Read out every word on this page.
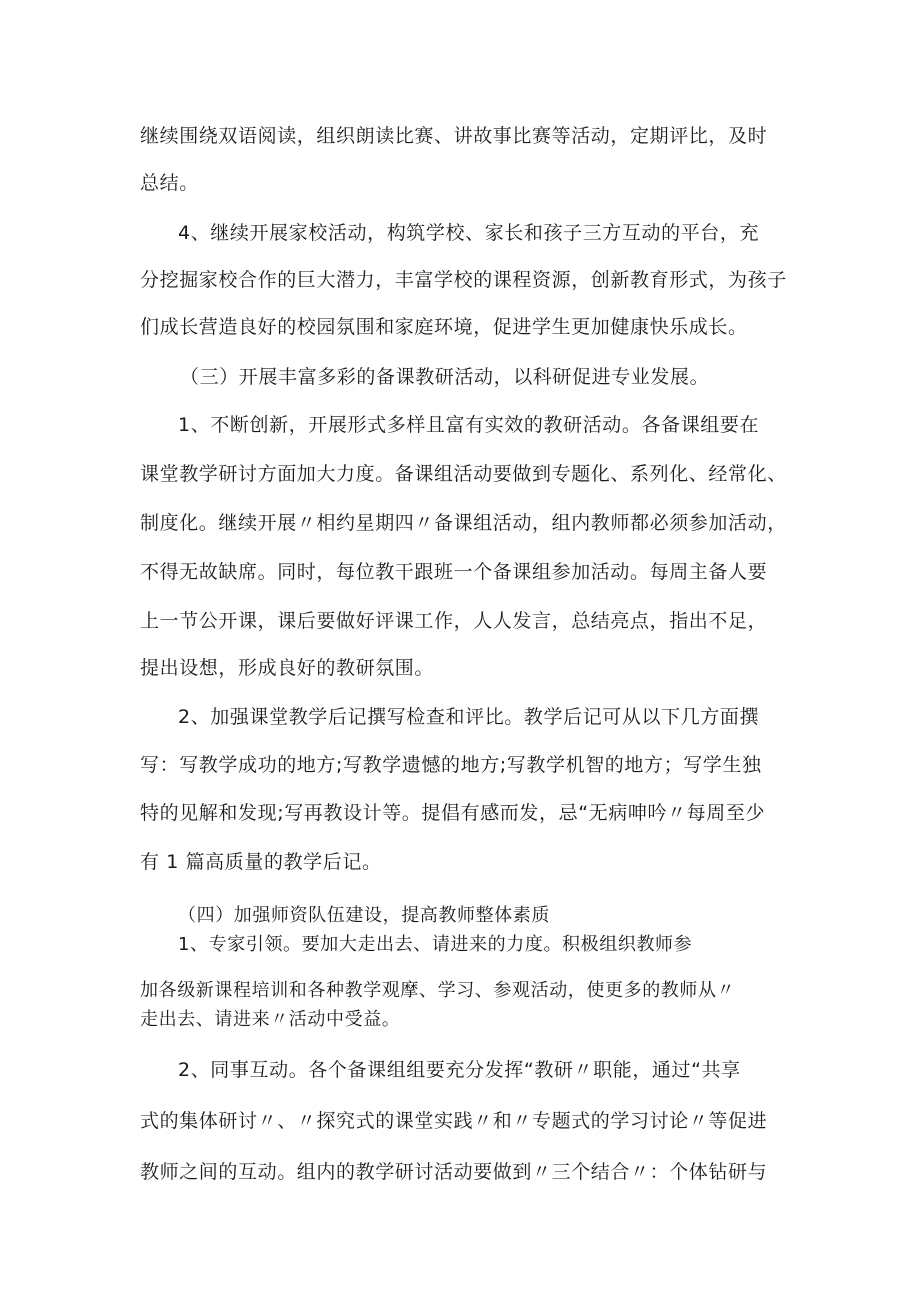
继续围绕双语阅读，组织朗读比赛、讲故事比赛等活动，定期评比，及时
总结。
4、继续开展家校活动，构筑学校、家长和孩子三方互动的平台，充
分挖掘家校合作的巨大潜力，丰富学校的课程资源，创新教育形式，为孩子
们成长营造良好的校园氛围和家庭环境，促进学生更加健康快乐成长。
（三）开展丰富多彩的备课教研活动，以科研促进专业发展。
1、不断创新，开展形式多样且富有实效的教研活动。各备课组要在
课堂教学研讨方面加大力度。备课组活动要做到专题化、系列化、经常化、
制度化。继续开展〃相约星期四〃备课组活动，组内教师都必须参加活动，
不得无故缺席。同时，每位教干跟班一个备课组参加活动。每周主备人要
上一节公开课，课后要做好评课工作，人人发言，总结亮点，指出不足，
提出设想，形成良好的教研氛围。
2、加强课堂教学后记撰写检查和评比。教学后记可从以下几方面撰
写：写教学成功的地方;写教学遗憾的地方;写教学机智的地方；写学生独
特的见解和发现;写再教设计等。提倡有感而发，忌“无病呻吟〃每周至少
有 1 篇高质量的教学后记。
（四）加强师资队伍建设，提高教师整体素质
1、专家引领。要加大走出去、请进来的力度。积极组织教师参
加各级新课程培训和各种教学观摩、学习、参观活动，使更多的教师从〃
走出去、请进来〃活动中受益。
2、同事互动。各个备课组组要充分发挥“教研〃职能，通过“共享
式的集体研讨〃、〃探究式的课堂实践〃和〃专题式的学习讨论〃等促进
教师之间的互动。组内的教学研讨活动要做到〃三个结合〃：个体钻研与
